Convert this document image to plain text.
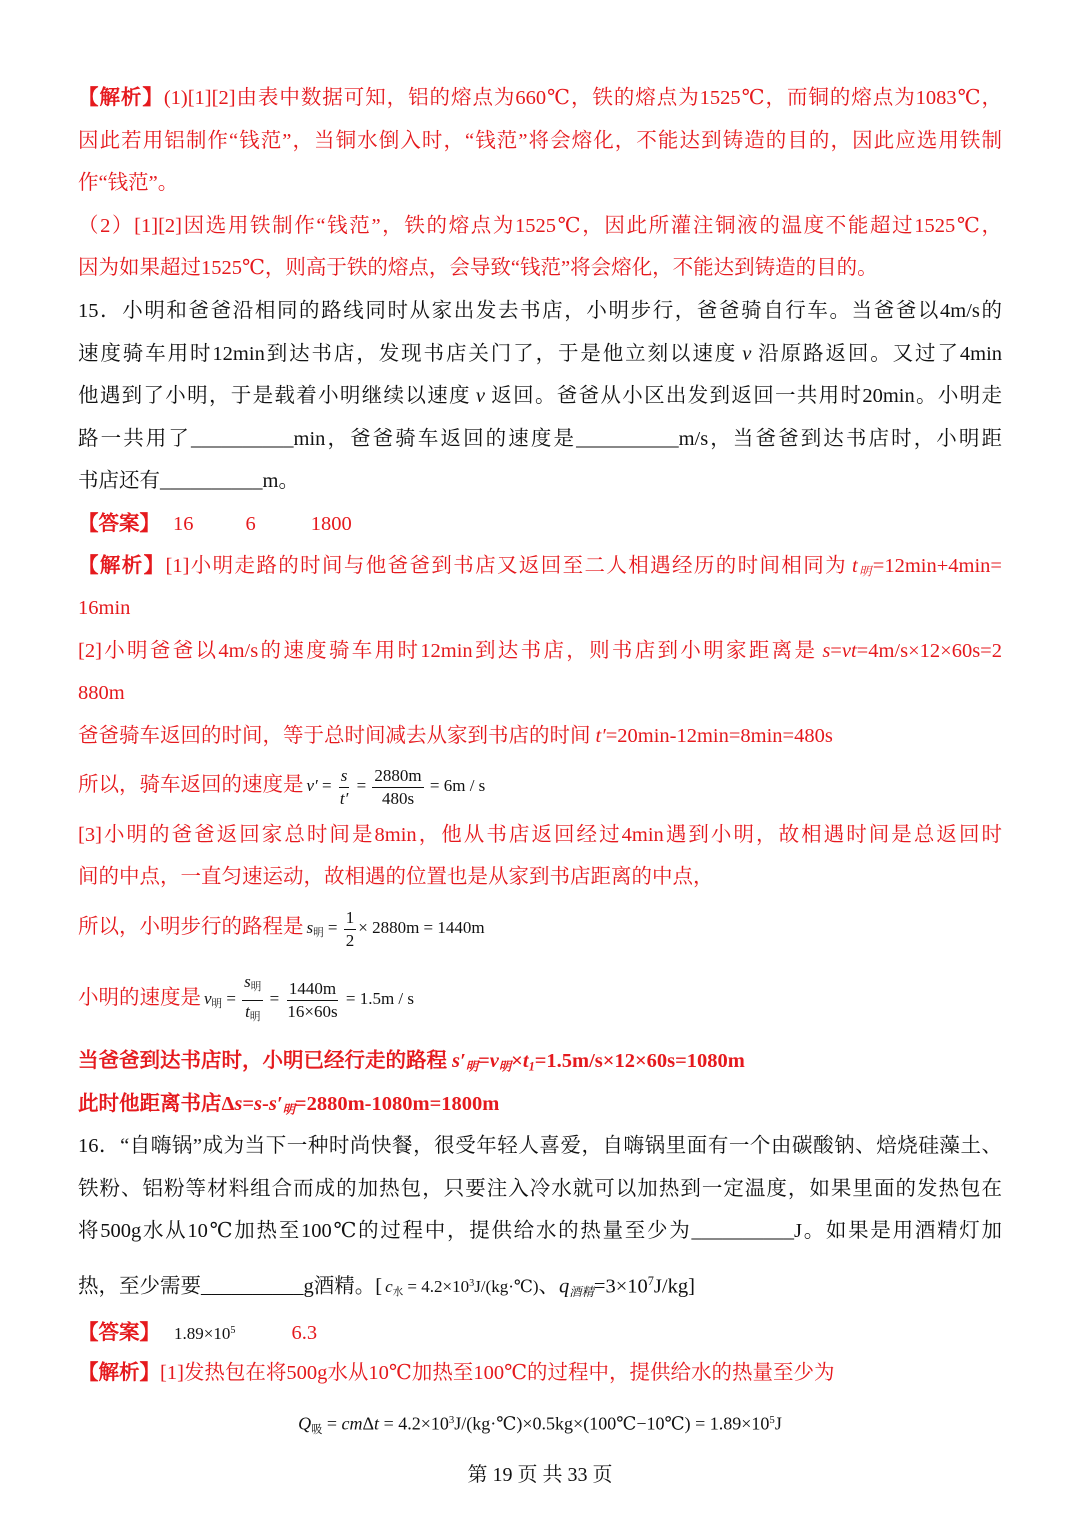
【解析】(1)[1][2]由表中数据可知，铝的熔点为660℃，铁的熔点为1525℃，而铜的熔点为1083℃，
因此若用铝制作“钱范”，当铜水倒入时，“钱范”将会熔化，不能达到铸造的目的，因此应选用铁制
作“钱范”。
（2）[1][2]因选用铁制作“钱范”，铁的熔点为1525℃，因此所灌注铜液的温度不能超过1525℃，
因为如果超过1525℃，则高于铁的熔点，会导致“钱范”将会熔化，不能达到铸造的目的。
15．小明和爸爸沿相同的路线同时从家出发去书店，小明步行，爸爸骑自行车。当爸爸以4m/s的
速度骑车用时12min到达书店，发现书店关门了，于是他立刻以速度 v 沿原路返回。又过了4min
他遇到了小明，于是载着小明继续以速度 v 返回。爸爸从小区出发到返回一共用时20min。小明走
路一共用了__________min，爸爸骑车返回的速度是__________m/s，当爸爸到达书店时，小明距
书店还有__________m。
【答案】 16	6	1800
【解析】[1]小明走路的时间与他爸爸到书店又返回至二人相遇经历的时间相同为 $t_明=12\min+4\min=$
16min
[2]小明爸爸以4m/s的速度骑车用时12min到达书店，则书店到小明家距离是 s=vt=4m/s×12×60s=2
880m
爸爸骑车返回的时间，等于总时间减去从家到书店的时间 t′=20min-12min=8min=480s
所以，骑车返回的速度是 $v' = \frac{s}{t'} = \frac{2880m}{480s} = 6m / s$
[3]小明的爸爸返回家总时间是8min，他从书店返回经过4min遇到小明，故相遇时间是总返回时
间的中点，一直匀速运动，故相遇的位置也是从家到书店距离的中点，
所以，小明步行的路程是 s明 = $\frac{1}{2} \times 2880m = 1440m$
小明的速度是 v明 = $\frac{\text{s明}}{\text{t明}} = \frac{1440m}{16\times 60s} = 1.5m / s$
当爸爸到达书店时，小明已经行走的路程 $s'_明=v_明\times t_1=1.5m/s\times 12\times 60s=1080m$
此时他距离书店$\Delta s=s-s'_明=2880m-1080m=1800m$
16．“自嗨锅”成为当下一种时尚快餐，很受年轻人喜爱，自嗨锅里面有一个由碳酸钠、焙烧硅藻土、
铁粉、铝粉等材料组合而成的加热包，只要注入冷水就可以加热到一定温度，如果里面的发热包在
将500g水从10℃加热至100℃的过程中，提供给水的热量至少为__________J。如果是用酒精灯加
热，至少需要__________g酒精。[ c水 = $4.2\times 10^3J/(kg\cdot℃)$、$q_{酒精}=3\times 10^7J/kg$]
【答案】 $1.89\times 10^5$	6.3
【解析】[1]发热包在将500g水从10℃加热至100℃的过程中，提供给水的热量至少为
Q吸 = $cm\Delta t = 4.2\times 10^3J/(kg\cdot℃)\times 0.5kg\times(100℃-10℃) = 1.89\times 10^5J$
第 19 页 共 33 页
